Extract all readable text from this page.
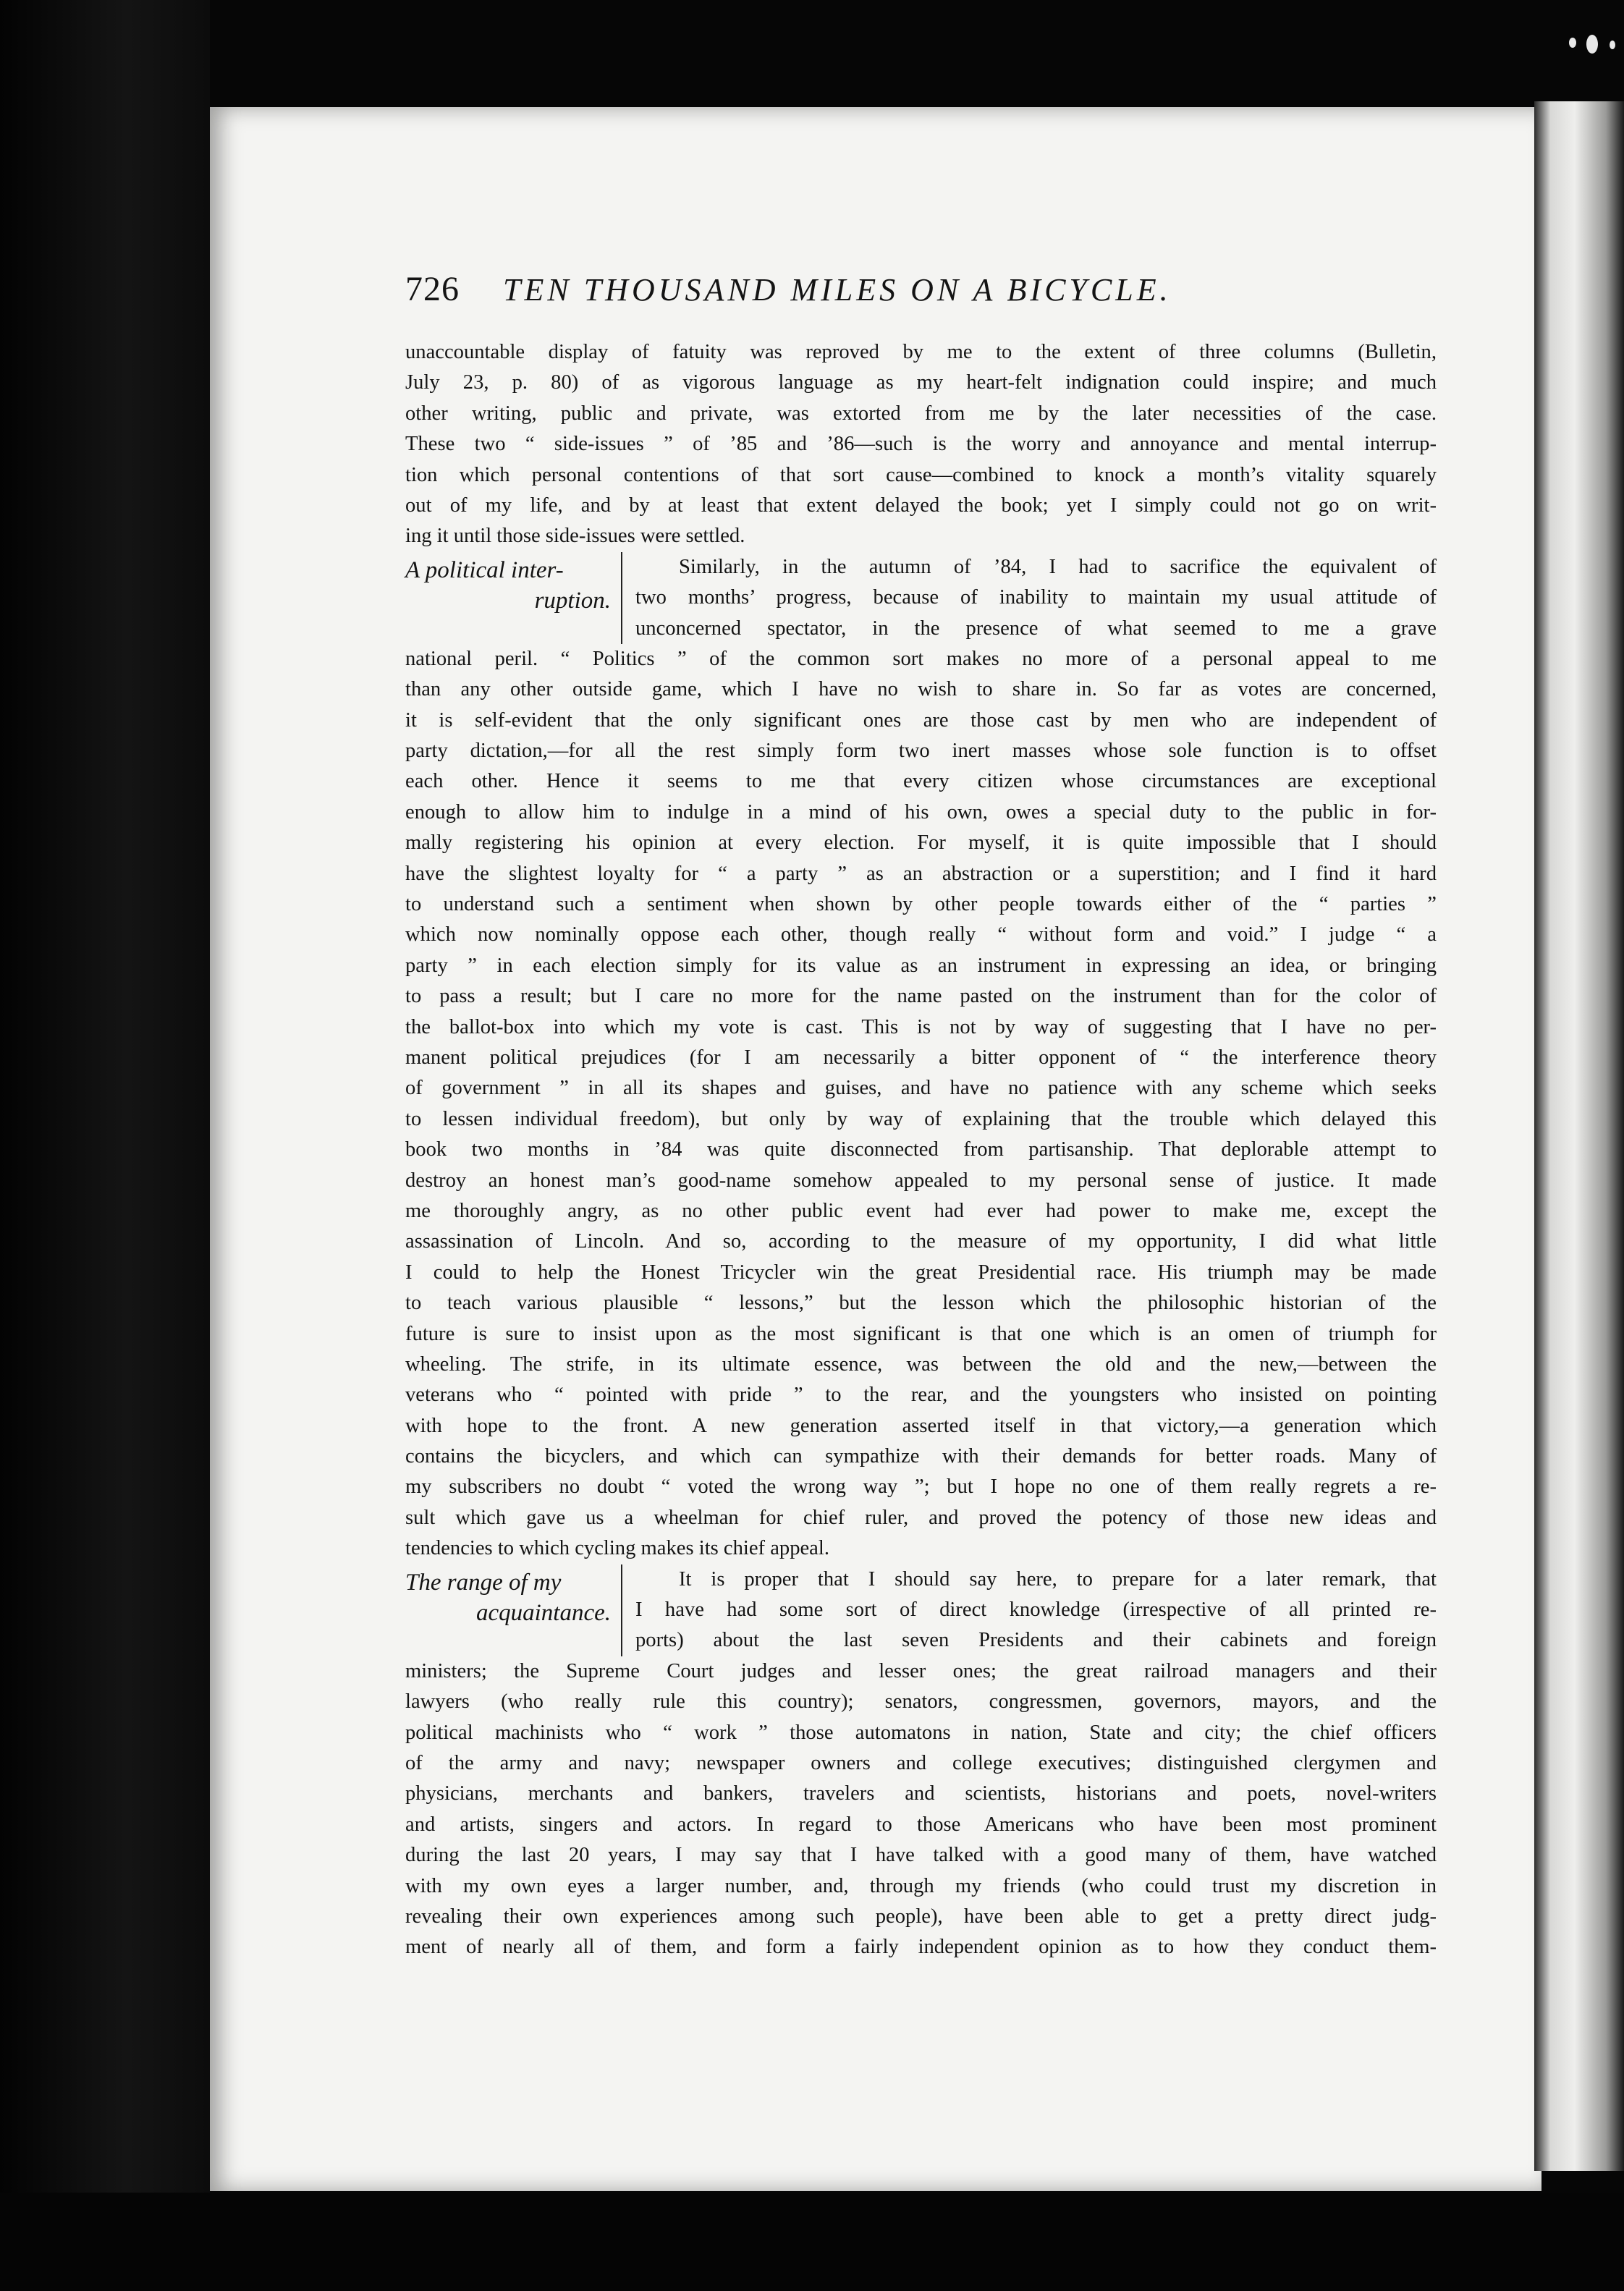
726 TEN THOUSAND MILES ON A BICYCLE.
unaccountable display of fatuity was reproved by me to the extent of three columns (Bulletin,
July 23, p. 80) of as vigorous language as my heart-felt indignation could inspire; and much
other writing, public and private, was extorted from me by the later necessities of the case.
These two “ side-issues ” of ’85 and ’86—such is the worry and annoyance and mental interrup-
tion which personal contentions of that sort cause—combined to knock a month’s vitality squarely
out of my life, and by at least that extent delayed the book; yet I simply could not go on writ-
ing it until those side-issues were settled.
A political inter-
ruption.
Similarly, in the autumn of ’84, I had to sacrifice the equivalent of
two months’ progress, because of inability to maintain my usual attitude of
unconcerned spectator, in the presence of what seemed to me a grave
national peril. “ Politics ” of the common sort makes no more of a personal appeal to me
than any other outside game, which I have no wish to share in. So far as votes are concerned,
it is self-evident that the only significant ones are those cast by men who are independent of
party dictation,—for all the rest simply form two inert masses whose sole function is to offset
each other. Hence it seems to me that every citizen whose circumstances are exceptional
enough to allow him to indulge in a mind of his own, owes a special duty to the public in for-
mally registering his opinion at every election. For myself, it is quite impossible that I should
have the slightest loyalty for “ a party ” as an abstraction or a superstition; and I find it hard
to understand such a sentiment when shown by other people towards either of the “ parties ”
which now nominally oppose each other, though really “ without form and void.” I judge “ a
party ” in each election simply for its value as an instrument in expressing an idea, or bringing
to pass a result; but I care no more for the name pasted on the instrument than for the color of
the ballot-box into which my vote is cast. This is not by way of suggesting that I have no per-
manent political prejudices (for I am necessarily a bitter opponent of “ the interference theory
of government ” in all its shapes and guises, and have no patience with any scheme which seeks
to lessen individual freedom), but only by way of explaining that the trouble which delayed this
book two months in ’84 was quite disconnected from partisanship. That deplorable attempt to
destroy an honest man’s good-name somehow appealed to my personal sense of justice. It made
me thoroughly angry, as no other public event had ever had power to make me, except the
assassination of Lincoln. And so, according to the measure of my opportunity, I did what little
I could to help the Honest Tricycler win the great Presidential race. His triumph may be made
to teach various plausible “ lessons,” but the lesson which the philosophic historian of the
future is sure to insist upon as the most significant is that one which is an omen of triumph for
wheeling. The strife, in its ultimate essence, was between the old and the new,—between the
veterans who “ pointed with pride ” to the rear, and the youngsters who insisted on pointing
with hope to the front. A new generation asserted itself in that victory,—a generation which
contains the bicyclers, and which can sympathize with their demands for better roads. Many of
my subscribers no doubt “ voted the wrong way ”; but I hope no one of them really regrets a re-
sult which gave us a wheelman for chief ruler, and proved the potency of those new ideas and
tendencies to which cycling makes its chief appeal.
The range of my
acquaintance.
It is proper that I should say here, to prepare for a later remark, that
I have had some sort of direct knowledge (irrespective of all printed re-
ports) about the last seven Presidents and their cabinets and foreign
ministers; the Supreme Court judges and lesser ones; the great railroad managers and their
lawyers (who really rule this country); senators, congressmen, governors, mayors, and the
political machinists who “ work ” those automatons in nation, State and city; the chief officers
of the army and navy; newspaper owners and college executives; distinguished clergymen and
physicians, merchants and bankers, travelers and scientists, historians and poets, novel-writers
and artists, singers and actors. In regard to those Americans who have been most prominent
during the last 20 years, I may say that I have talked with a good many of them, have watched
with my own eyes a larger number, and, through my friends (who could trust my discretion in
revealing their own experiences among such people), have been able to get a pretty direct judg-
ment of nearly all of them, and form a fairly independent opinion as to how they conduct them-
